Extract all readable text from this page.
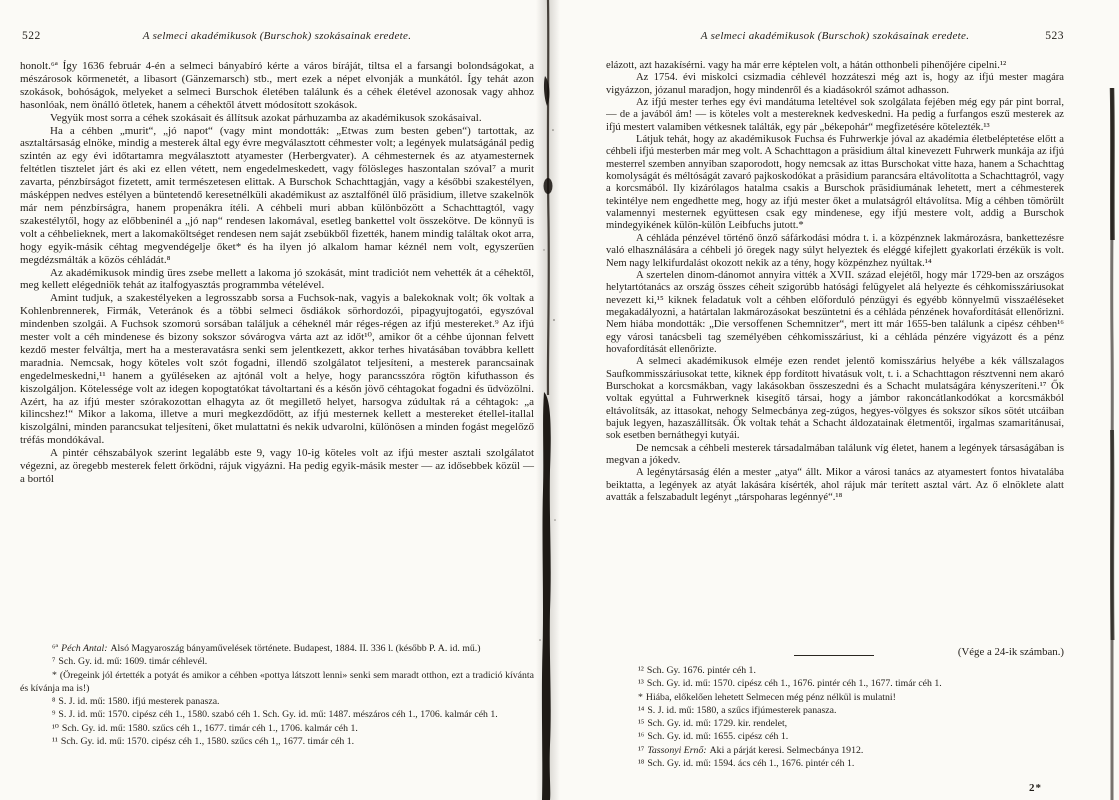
522	A selmeci akadémikusok (Burschok) szokásainak eredete.

honolt.⁶ª Így 1636 február 4-én a selmeci bányabíró kérte a város bíráját, tiltsa el a farsangi bolondságokat, a mészárosok körmenetét, a libasort (Gänzemarsch) stb., mert ezek a népet elvonják a munkától. Így tehát azon szokások, bohóságok, melyeket a selmeci Burschok életében találunk és a céhek életével azonosak vagy ahhoz hasonlóak, nem önálló ötletek, hanem a céhektől átvett módosított szokások.

Vegyük most sorra a céhek szokásait és állítsuk azokat párhuzamba az akadémikusok szokásaival.

Ha a céhben „murit“, „jó napot“ (vagy mint mondották: „Etwas zum besten geben“) tartottak, az asztaltársaság elnöke, mindig a mesterek által egy évre megválasztott céhmester volt; a legények mulatságánál pedig szintén az egy évi időtartamra megválasztott atyamester (Herbergvater). A céhmesternek és az atyamesternek feltétlen tisztelet járt és aki ez ellen vétett, nem engedelmeskedett, vagy fölösleges haszontalan szóval⁷ a murit zavarta, pénzbírságot fizetett, amit természetesen elittak. A Burschok Schachttagján, vagy a későbbi szakestélyen, másképpen nedves estélyen a büntetendő keresetnélküli akadémikust az asztalfőnél ülő präsidium, illetve szakelnök már nem pénzbírságra, hanem propenákra ítéli. A céhbeli muri abban különbözött a Schachttagtól, vagy szakestélytől, hogy az előbbeninél a „jó nap“ rendesen lakomával, esetleg bankettel volt összekötve. De könnyű is volt a céhbelieknek, mert a lakomaköltséget rendesen nem saját zsebükből fizették, hanem mindig találtak okot arra, hogy egyik-másik céhtag megvendégelje őket* és ha ilyen jó alkalom hamar kéznél nem volt, egyszerűen megdézsmálták a közös céhládát.⁸

Az akadémikusok mindig üres zsebe mellett a lakoma jó szokását, mint tradiciót nem vehették át a céhektől, meg kellett elégedniök tehát az italfogyasztás programmba vételével.

Amint tudjuk, a szakestélyeken a legrosszabb sorsa a Fuchsok-nak, vagyis a balekoknak volt; ők voltak a Kohlenbrennerek, Firmák, Veteránok és a többi selmeci ősdiákok sörhordozói, pipagyujtogatói, egyszóval mindenben szolgái. A Fuchsok szomorú sorsában találjuk a céheknél már réges-régen az ifjú mestereket.⁹ Az ifjú mester volt a céh mindenese és bizony sokszor sóvárogva várta azt az időt¹⁰, amikor őt a céhbe újonnan felvett kezdő mester felváltja, mert ha a mesteravatásra senki sem jelentkezett, akkor terhes hivatásában továbbra kellett maradnia. Nemcsak, hogy köteles volt szót fogadni, illendő szolgálatot teljesíteni, a mesterek parancsainak engedelmeskedni,¹¹ hanem a gyűléseken az ajtónál volt a helye, hogy parancsszóra rögtön kifuthasson és kiszolgáljon. Kötelessége volt az idegen kopogtatókat távoltartani és a későn jövő céhtagokat fogadni és üdvözölni. Azért, ha az ifjú mester szórakozottan elhagyta az őt megillető helyet, harsogva zúdultak rá a céhtagok: „a kilincshez!“ Mikor a lakoma, illetve a muri megkezdődött, az ifjú mesternek kellett a mestereket étellel-itallal kiszolgálni, minden parancsukat teljesíteni, őket mulattatni és nekik udvarolni, különösen a minden fogást megelőző tréfás mondókával.

A pintér céhszabályok szerint legalább este 9, vagy 10-ig köteles volt az ifjú mester asztali szolgálatot végezni, az öregebb mesterek felett őrködni, rájuk vigyázni. Ha pedig egyik-másik mester — az idősebbek közül — a bortól

⁶ª Péch Antal: Alsó Magyaroszág bányaművelések története. Budapest, 1884. II. 336 l. (később P. A. id. mű.)
⁷ Sch. Gy. id. mű: 1609. timár céhlevél.
* (Öregeink jól értették a potyát és amikor a céhben «pottya látszott lenni» senki sem maradt otthon, ezt a tradició kívánta és kívánja ma is!)
⁸ S. J. id. mű: 1580. ifjú mesterek panasza.
⁹ S. J. id. mű: 1570. cipész céh 1., 1580. szabó céh 1. Sch. Gy. id. mű: 1487. mészáros céh 1., 1706. kalmár céh 1.
¹⁰ Sch. Gy. id. mű: 1580. szűcs céh 1., 1677. timár céh 1., 1706. kalmár céh 1.
¹¹ Sch. Gy. id. mű: 1570. cipész céh 1., 1580. szűcs céh 1,, 1677. timár céh 1.
A selmeci akadémikusok (Burschok) szokásainak eredete.	523

elázott, azt hazakísérni. vagy ha már erre képtelen volt, a hátán otthonbeli pihenőjére cipelni.¹²

Az 1754. évi miskolci csizmadia céhlevél hozzáteszi még azt is, hogy az ifjú mester magára vigyázzon, józanul maradjon, hogy mindenről és a kiadásokról számot adhasson.

Az ifjú mester terhes egy évi mandátuma leteltével sok szolgálata fejében még egy pár pint borral, — de a javából ám! — is köteles volt a mestereknek kedveskedni. Ha pedig a furfangos eszű mesterek az ifjú mestert valamiben vétkesnek találták, egy pár „békepohár“ megfizetésére kötelezték.¹³

Látjuk tehát, hogy az akadémikusok Fuchsa és Fuhrwerkje jóval az akadémia életbeléptetése előtt a céhbeli ifjú mesterben már meg volt. A Schachttagon a präsidium által kinevezett Fuhrwerk munkája az ifjú mesterrel szemben annyiban szaporodott, hogy nemcsak az ittas Burschokat vitte haza, hanem a Schachttag komolyságát és méltóságát zavaró pajkoskodókat a präsidium parancsára eltávolította a Schachttagról, vagy a korcsmából. Ily kizárólagos hatalma csakis a Burschok präsidiumának lehetett, mert a céhmesterek tekintélye nem engedhette meg, hogy az ifjú mester őket a mulatságról eltávolítsa. Míg a céhben tömörült valamennyi mesternek együttesen csak egy mindenese, egy ifjú mestere volt, addig a Burschok mindegyikének külön-külön Leibfuchs jutott.*

A céhláda pénzével történő önző sáfárkodási módra t. i. a közpénznek lakmározásra, bankettezésre való elhasználására a céhbeli jó öregek nagy súlyt helyeztek és eléggé kifejlett gyakorlati érzékük is volt. Nem nagy lelkifurdalást okozott nekik az a tény, hogy közpénzhez nyúltak.¹⁴

A szertelen dinom-dánomot annyira vitték a XVII. század elejétől, hogy már 1729-ben az országos helytartótanács az ország összes céheit szigorúbb hatósági felügyelet alá helyezte és céhkomisszáriusokat nevezett ki,¹⁵ kiknek feladatuk volt a céhben előforduló pénzügyi és egyébb könnyelmű visszaéléseket megakadályozni, a határtalan lakmározásokat beszüntetni és a céhláda pénzének hovafordítását ellenőrizni. Nem hiába mondották: „Die versoffenen Schemnitzer“, mert itt már 1655-ben találunk a cipész céhben¹⁶ egy városi tanácsbeli tag személyében céhkomisszáriust, ki a céhláda pénzére vigyázott és a pénz hovafordítását ellenőrizte.

A selmeci akadémikusok elméje ezen rendet jelentő komisszárius helyébe a kék vállszalagos Saufkommisszáriusokat tette, kiknek épp fordított hivatásuk volt, t. i. a Schachttagon résztvenni nem akaró Burschokat a korcsmákban, vagy lakásokban összeszedni és a Schacht mulatságára kényszeríteni.¹⁷ Ők voltak egyúttal a Fuhrwerknek kisegítő társai, hogy a jámbor rakoncátlankodókat a korcsmákból eltávolítsák, az ittasokat, nehogy Selmecbánya zeg-zúgos, hegyes-völgyes és sokszor síkos sötét utcáiban bajuk legyen, hazaszállítsák. Ők voltak tehát a Schacht áldozatainak életmentői, irgalmas szamaritánusai, sok esetben bernáthegyi kutyái.

De nemcsak a céhbeli mesterek társadalmában találunk víg életet, hanem a legények társaságában is megvan a jókedv.

A legénytársaság élén a mester „atya“ állt. Mikor a városi tanács az atyamestert fontos hivatalába beiktatta, a legények az atyát lakására kísérték, ahol rájuk már terített asztal várt. Az ő elnöklete alatt avatták a felszabadult legényt „társpoharas legénnyé“.¹⁸

(Vége a 24-ik számban.)
¹² Sch. Gy. 1676. pintér céh 1.
¹³ Sch. Gy. id. mű: 1570. cipész céh 1., 1676. pintér céh 1., 1677. timár céh 1.
* Hiába, előkelően lehetett Selmecen még pénz nélkül is mulatni!
¹⁴ S. J. id. mű: 1580, a szűcs ifjúmesterek panasza.
¹⁵ Sch. Gy. id. mű: 1729. kir. rendelet,
¹⁶ Sch. Gy. id. mű: 1655. cipész céh 1.
¹⁷ Tassonyi Ernő: Aki a párját keresi. Selmecbánya 1912.
¹⁸ Sch. Gy. id. mű: 1594. ács céh 1., 1676. pintér céh 1.
2*
